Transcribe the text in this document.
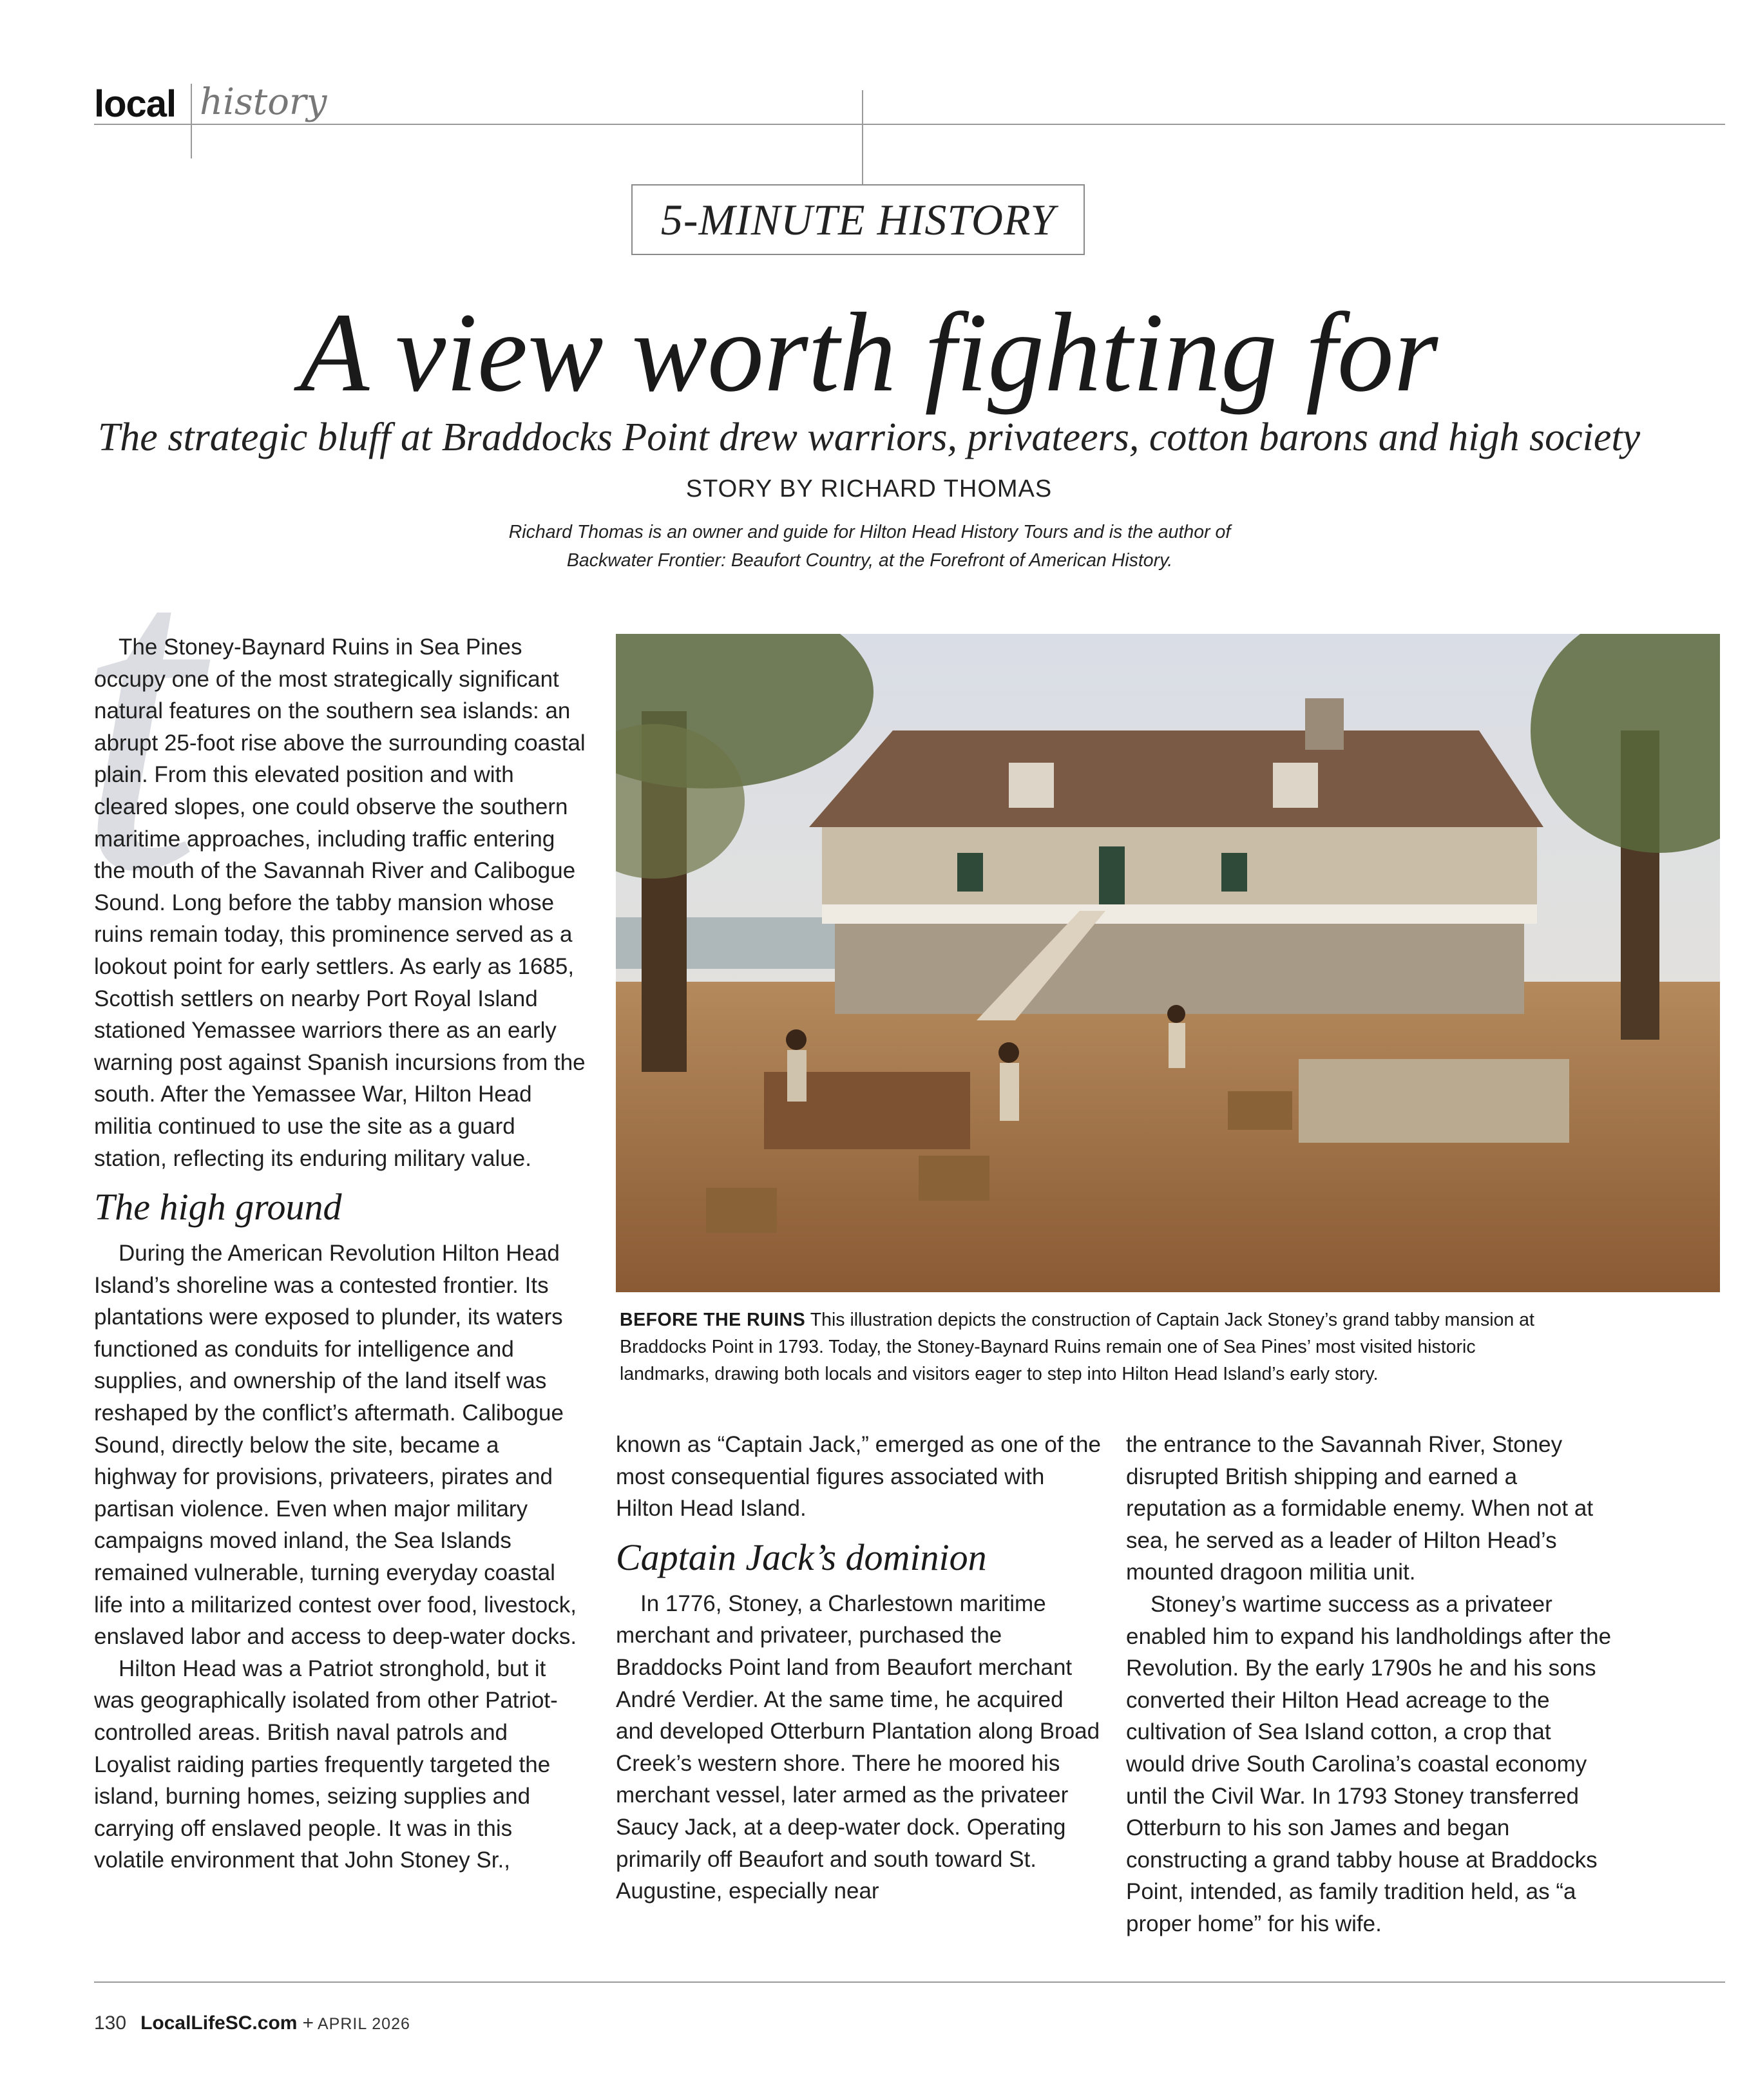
local history
5-MINUTE HISTORY
A view worth fighting for
The strategic bluff at Braddocks Point drew warriors, privateers, cotton barons and high society
STORY BY RICHARD THOMAS
Richard Thomas is an owner and guide for Hilton Head History Tours and is the author of
Backwater Frontier: Beaufort Country, at the Forefront of American History.
t

The Stoney-Baynard Ruins in Sea Pines occupy one of the most strategically significant natural features on the southern sea islands: an abrupt 25-foot rise above the surrounding coastal plain. From this elevated position and with cleared slopes, one could observe the southern maritime approaches, including traffic entering the mouth of the Savannah River and Calibogue Sound. Long before the tabby mansion whose ruins remain today, this prominence served as a lookout point for early settlers. As early as 1685, Scottish settlers on nearby Port Royal Island stationed Yemassee warriors there as an early warning post against Spanish incursions from the south. After the Yemassee War, Hilton Head militia continued to use the site as a guard station, reflecting its enduring military value.

The high ground

During the American Revolution Hilton Head Island’s shoreline was a contested frontier. Its plantations were exposed to plunder, its waters functioned as conduits for intelligence and supplies, and ownership of the land itself was reshaped by the conflict’s aftermath. Calibogue Sound, directly below the site, became a highway for provisions, privateers, pirates and partisan violence. Even when major military campaigns moved inland, the Sea Islands remained vulnerable, turning everyday coastal life into a militarized contest over food, livestock, enslaved labor and access to deep-water docks.

Hilton Head was a Patriot stronghold, but it was geographically isolated from other Patriot-controlled areas. British naval patrols and Loyalist raiding parties frequently targeted the island, burning homes, seizing supplies and carrying off enslaved people. It was in this volatile environment that John Stoney Sr.,

BEFORE THE RUINS This illustration depicts the construction of Captain Jack Stoney’s grand tabby mansion at Braddocks Point in 1793. Today, the Stoney-Baynard Ruins remain one of Sea Pines’ most visited historic landmarks, drawing both locals and visitors eager to step into Hilton Head Island’s early story.

known as “Captain Jack,” emerged as one of the most consequential figures associated with Hilton Head Island.

Captain Jack’s dominion

In 1776, Stoney, a Charlestown maritime merchant and privateer, purchased the Braddocks Point land from Beaufort merchant André Verdier. At the same time, he acquired and developed Otterburn Plantation along Broad Creek’s western shore. There he moored his merchant vessel, later armed as the privateer Saucy Jack, at a deep-water dock. Operating primarily off Beaufort and south toward St. Augustine, especially near

the entrance to the Savannah River, Stoney disrupted British shipping and earned a reputation as a formidable enemy. When not at sea, he served as a leader of Hilton Head’s mounted dragoon militia unit.

Stoney’s wartime success as a privateer enabled him to expand his landholdings after the Revolution. By the early 1790s he and his sons converted their Hilton Head acreage to the cultivation of Sea Island cotton, a crop that would drive South Carolina’s coastal economy until the Civil War. In 1793 Stoney transferred Otterburn to his son James and began constructing a grand tabby house at Braddocks Point, intended, as family tradition held, as “a proper home” for his wife.

130 LocalLifeSC.com + APRIL 2026
